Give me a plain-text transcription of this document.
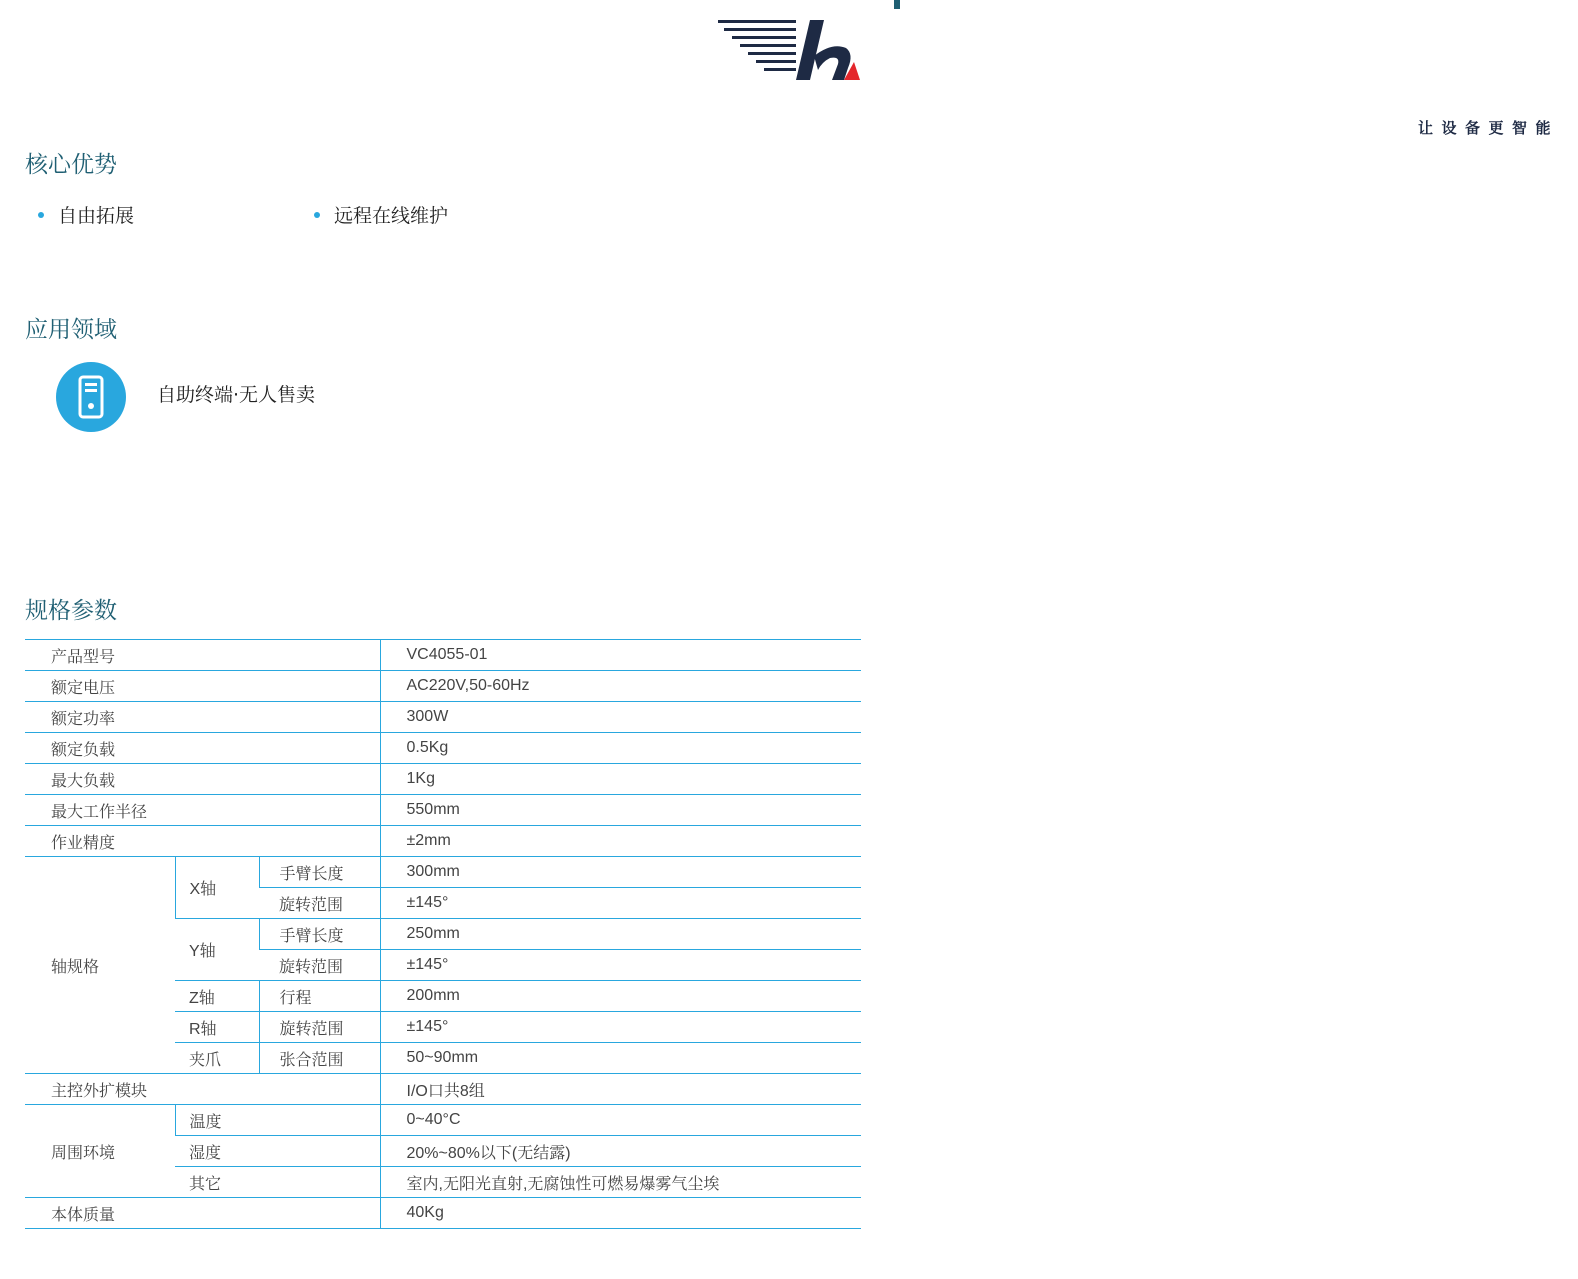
让设备更智能
核心优势
自由拓展	远程在线维护
应用领域
自助终端·无人售卖
规格参数
产品型号			VC4055-01
额定电压			AC220V,50-60Hz
额定功率			300W
额定负载			0.5Kg
最大负载			1Kg
最大工作半径			550mm
作业精度			±2mm
轴规格	X轴	手臂长度	300mm
		旋转范围	±145°
	Y轴	手臂长度	250mm
		旋转范围	±145°
	Z轴	行程	200mm
	R轴	旋转范围	±145°
	夹爪	张合范围	50~90mm
主控外扩模块			I/O口共8组
周围环境	温度		0~40°C
	湿度		20%~80%以下(无结露)
	其它		室内,无阳光直射,无腐蚀性可燃易爆雾气尘埃
本体质量			40Kg
